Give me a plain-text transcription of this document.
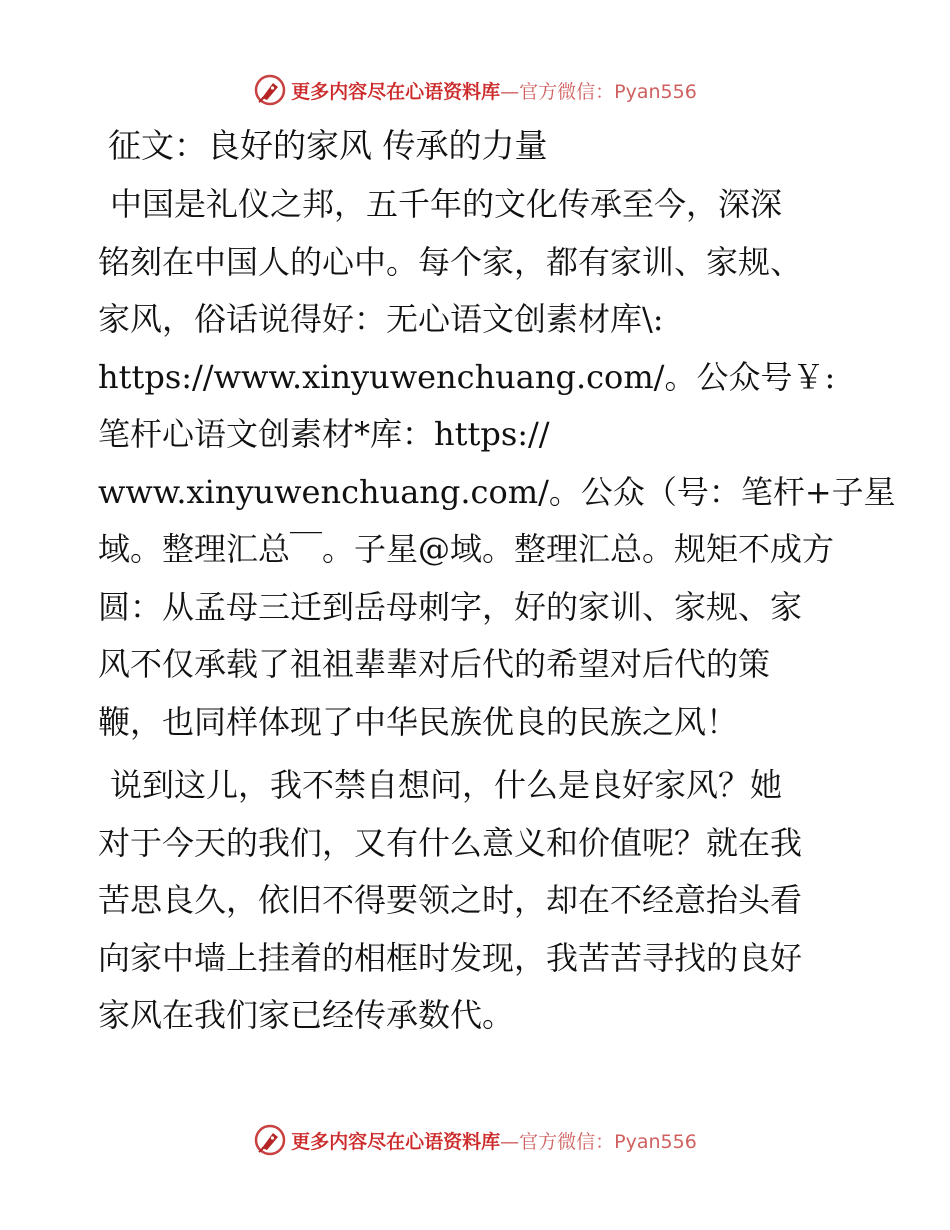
更多内容尽在心语资料库 —官方微信：Pyan556
征文：良好的家风 传承的力量
中国是礼仪之邦，五千年的文化传承至今，深深
铭刻在中国人的心中。每个家，都有家训、家规、
家风，俗话说得好：无心语文创素材库\:
https://www.xinyuwenchuang.com/。公众号￥:
笔杆心语文创素材*库：https://
www.xinyuwenchuang.com/。公众（号：笔杆+子星
域。整理汇总￣。子星@域。整理汇总。规矩不成方
圆：从孟母三迁到岳母刺字，好的家训、家规、家
风不仅承载了祖祖辈辈对后代的希望对后代的策
鞭，也同样体现了中华民族优良的民族之风！
说到这儿，我不禁自想问，什么是良好家风？她
对于今天的我们，又有什么意义和价值呢？就在我
苦思良久，依旧不得要领之时，却在不经意抬头看
向家中墙上挂着的相框时发现，我苦苦寻找的良好
家风在我们家已经传承数代。
更多内容尽在心语资料库 —官方微信：Pyan556
